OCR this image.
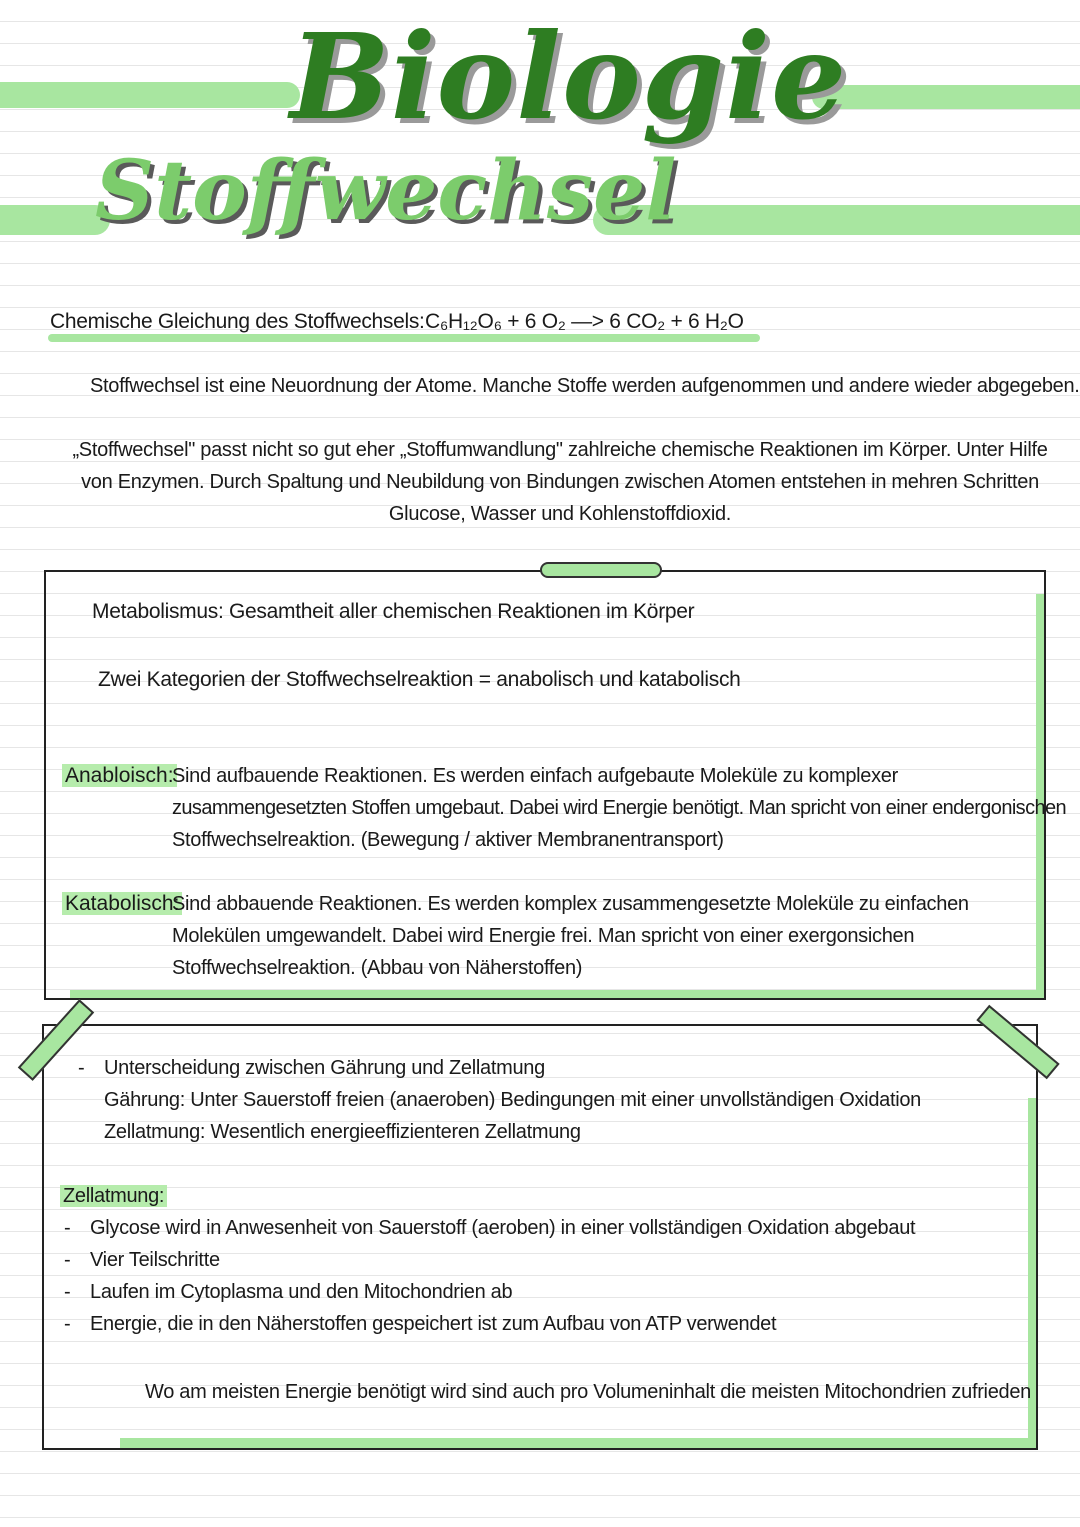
Biologie
Stoffwechsel
Chemische Gleichung des Stoffwechsels: C₆H₁₂O₆ + 6 O₂ —> 6 CO₂ + 6 H₂O
Stoffwechsel ist eine Neuordnung der Atome. Manche Stoffe werden aufgenommen und andere wieder abgegeben.
„Stoffwechsel" passt nicht so gut eher „Stoffumwandlung" zahlreiche chemische Reaktionen im Körper. Unter Hilfe
von Enzymen. Durch Spaltung und Neubildung von Bindungen zwischen Atomen entstehen in mehren Schritten
Glucose, Wasser und Kohlenstoffdioxid.
Metabolismus: Gesamtheit aller chemischen Reaktionen im Körper
Zwei Kategorien der Stoffwechselreaktion = anabolisch und katabolisch
Anabloisch:
Sind aufbauende Reaktionen. Es werden einfach aufgebaute Moleküle zu komplexer
zusammengesetzten Stoffen umgebaut. Dabei wird Energie benötigt. Man spricht von einer endergonischen
Stoffwechselreaktion. (Bewegung / aktiver Membranentransport)
Katabolisch:
Sind abbauende Reaktionen. Es werden komplex zusammengesetzte Moleküle zu einfachen
Molekülen umgewandelt. Dabei wird Energie frei. Man spricht von einer exergonsichen
Stoffwechselreaktion. (Abbau von Näherstoffen)
- Unterscheidung zwischen Gährung und Zellatmung
Gährung: Unter Sauerstoff freien (anaeroben) Bedingungen mit einer unvollständigen Oxidation
Zellatmung: Wesentlich energieeffizienteren Zellatmung
Zellatmung:
- Glycose wird in Anwesenheit von Sauerstoff (aeroben) in einer vollständigen Oxidation abgebaut
- Vier Teilschritte
- Laufen im Cytoplasma und den Mitochondrien ab
- Energie, die in den Näherstoffen gespeichert ist zum Aufbau von ATP verwendet
Wo am meisten Energie benötigt wird sind auch pro Volumeninhalt die meisten Mitochondrien zufrieden
